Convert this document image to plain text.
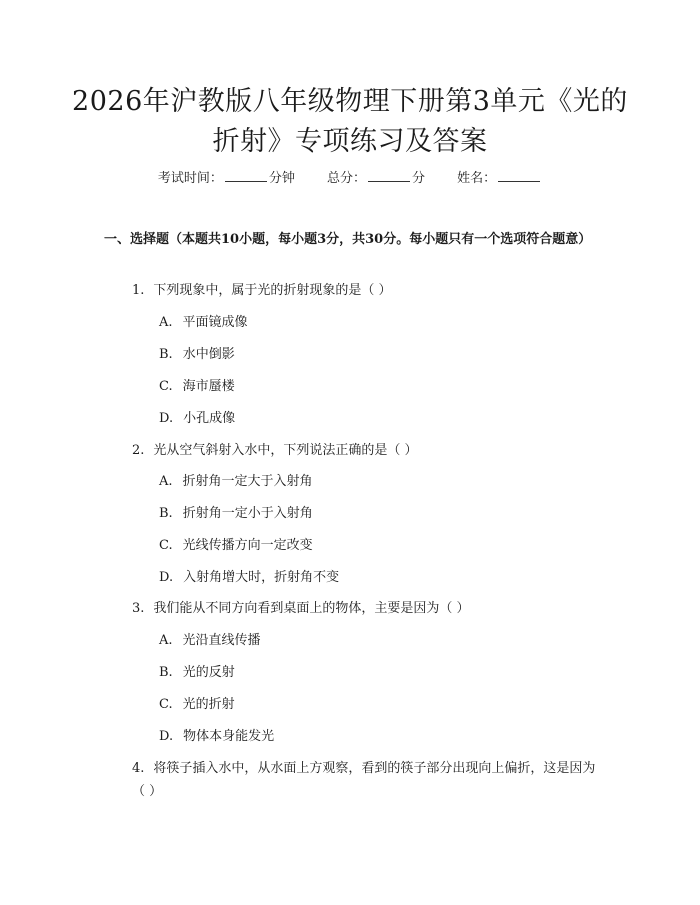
2026年沪教版八年级物理下册第3单元《光的折射》专项练习及答案
考试时间：	分钟 总分：	分 姓名：
一、选择题（本题共10小题，每小题3分，共30分。每小题只有一个选项符合题意）
1. 下列现象中，属于光的折射现象的是（ ）
A. 平面镜成像
B. 水中倒影
C. 海市蜃楼
D. 小孔成像
2. 光从空气斜射入水中，下列说法正确的是（ ）
A. 折射角一定大于入射角
B. 折射角一定小于入射角
C. 光线传播方向一定改变
D. 入射角增大时，折射角不变
3. 我们能从不同方向看到桌面上的物体，主要是因为（ ）
A. 光沿直线传播
B. 光的反射
C. 光的折射
D. 物体本身能发光
4. 将筷子插入水中，从水面上方观察，看到的筷子部分出现向上偏折，这是因为（ ）
